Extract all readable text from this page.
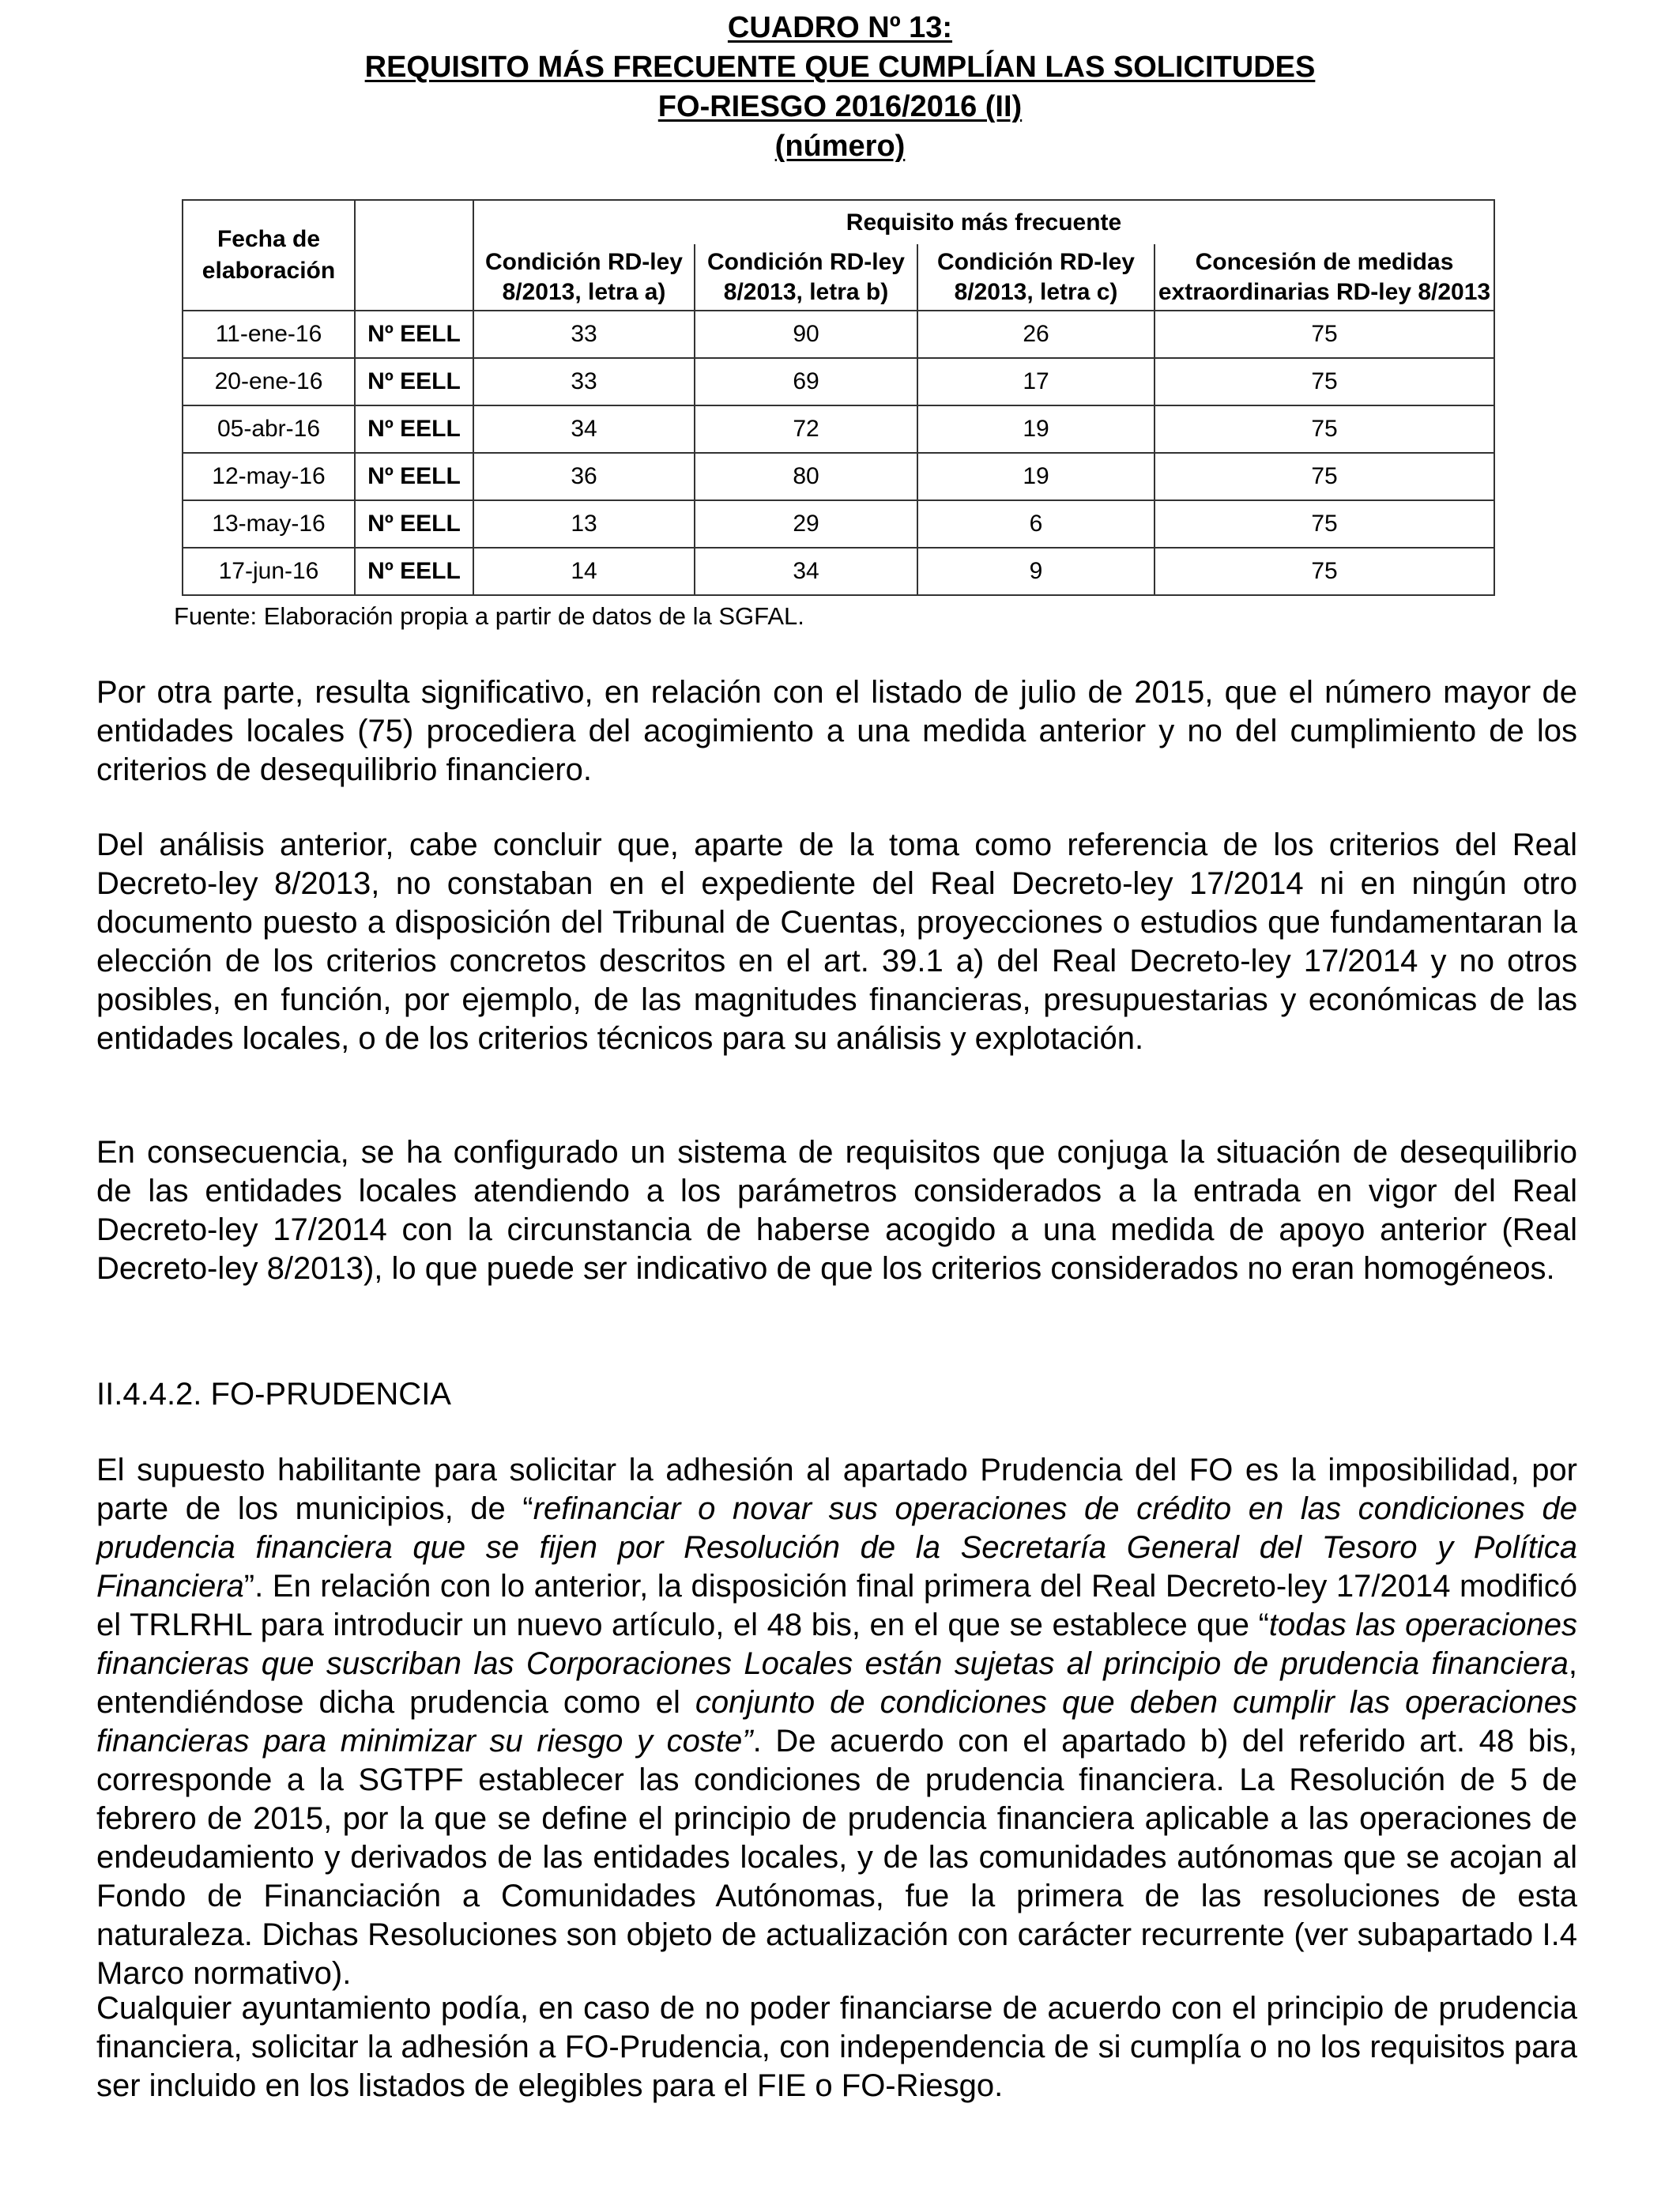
CUADRO Nº 13:
REQUISITO MÁS FRECUENTE QUE CUMPLÍAN LAS SOLICITUDES
FO-RIESGO 2016/2016 (II)
(número)
Fecha de elaboración		Requisito más frecuente			
		Condición RD-ley 8/2013, letra a)	Condición RD-ley 8/2013, letra b)	Condición RD-ley 8/2013, letra c)	Concesión de medidas extraordinarias RD-ley 8/2013
11-ene-16	Nº EELL	33	90	26	75
20-ene-16	Nº EELL	33	69	17	75
05-abr-16	Nº EELL	34	72	19	75
12-may-16	Nº EELL	36	80	19	75
13-may-16	Nº EELL	13	29	6	75
17-jun-16	Nº EELL	14	34	9	75
Fuente: Elaboración propia a partir de datos de la SGFAL.

Por otra parte, resulta significativo, en relación con el listado de julio de 2015, que el número mayor de entidades locales (75) procediera del acogimiento a una medida anterior y no del cumplimiento de los criterios de desequilibrio financiero.

Del análisis anterior, cabe concluir que, aparte de la toma como referencia de los criterios del Real Decreto-ley 8/2013, no constaban en el expediente del Real Decreto-ley 17/2014 ni en ningún otro documento puesto a disposición del Tribunal de Cuentas, proyecciones o estudios que fundamentaran la elección de los criterios concretos descritos en el art. 39.1 a) del Real Decreto-ley 17/2014 y no otros posibles, en función, por ejemplo, de las magnitudes financieras, presupuestarias y económicas de las entidades locales, o de los criterios técnicos para su análisis y explotación.

En consecuencia, se ha configurado un sistema de requisitos que conjuga la situación de desequilibrio de las entidades locales atendiendo a los parámetros considerados a la entrada en vigor del Real Decreto-ley 17/2014 con la circunstancia de haberse acogido a una medida de apoyo anterior (Real Decreto-ley 8/2013), lo que puede ser indicativo de que los criterios considerados no eran homogéneos.

II.4.4.2. FO-PRUDENCIA

El supuesto habilitante para solicitar la adhesión al apartado Prudencia del FO es la imposibilidad, por parte de los municipios, de “refinanciar o novar sus operaciones de crédito en las condiciones de prudencia financiera que se fijen por Resolución de la Secretaría General del Tesoro y Política Financiera”. En relación con lo anterior, la disposición final primera del Real Decreto-ley 17/2014 modificó el TRLRHL para introducir un nuevo artículo, el 48 bis, en el que se establece que “todas las operaciones financieras que suscriban las Corporaciones Locales están sujetas al principio de prudencia financiera, entendiéndose dicha prudencia como el conjunto de condiciones que deben cumplir las operaciones financieras para minimizar su riesgo y coste”. De acuerdo con el apartado b) del referido art. 48 bis, corresponde a la SGTPF establecer las condiciones de prudencia financiera. La Resolución de 5 de febrero de 2015, por la que se define el principio de prudencia financiera aplicable a las operaciones de endeudamiento y derivados de las entidades locales, y de las comunidades autónomas que se acojan al Fondo de Financiación a Comunidades Autónomas, fue la primera de las resoluciones de esta naturaleza. Dichas Resoluciones son objeto de actualización con carácter recurrente (ver subapartado I.4 Marco normativo).

Cualquier ayuntamiento podía, en caso de no poder financiarse de acuerdo con el principio de prudencia financiera, solicitar la adhesión a FO-Prudencia, con independencia de si cumplía o no los requisitos para ser incluido en los listados de elegibles para el FIE o FO-Riesgo.
